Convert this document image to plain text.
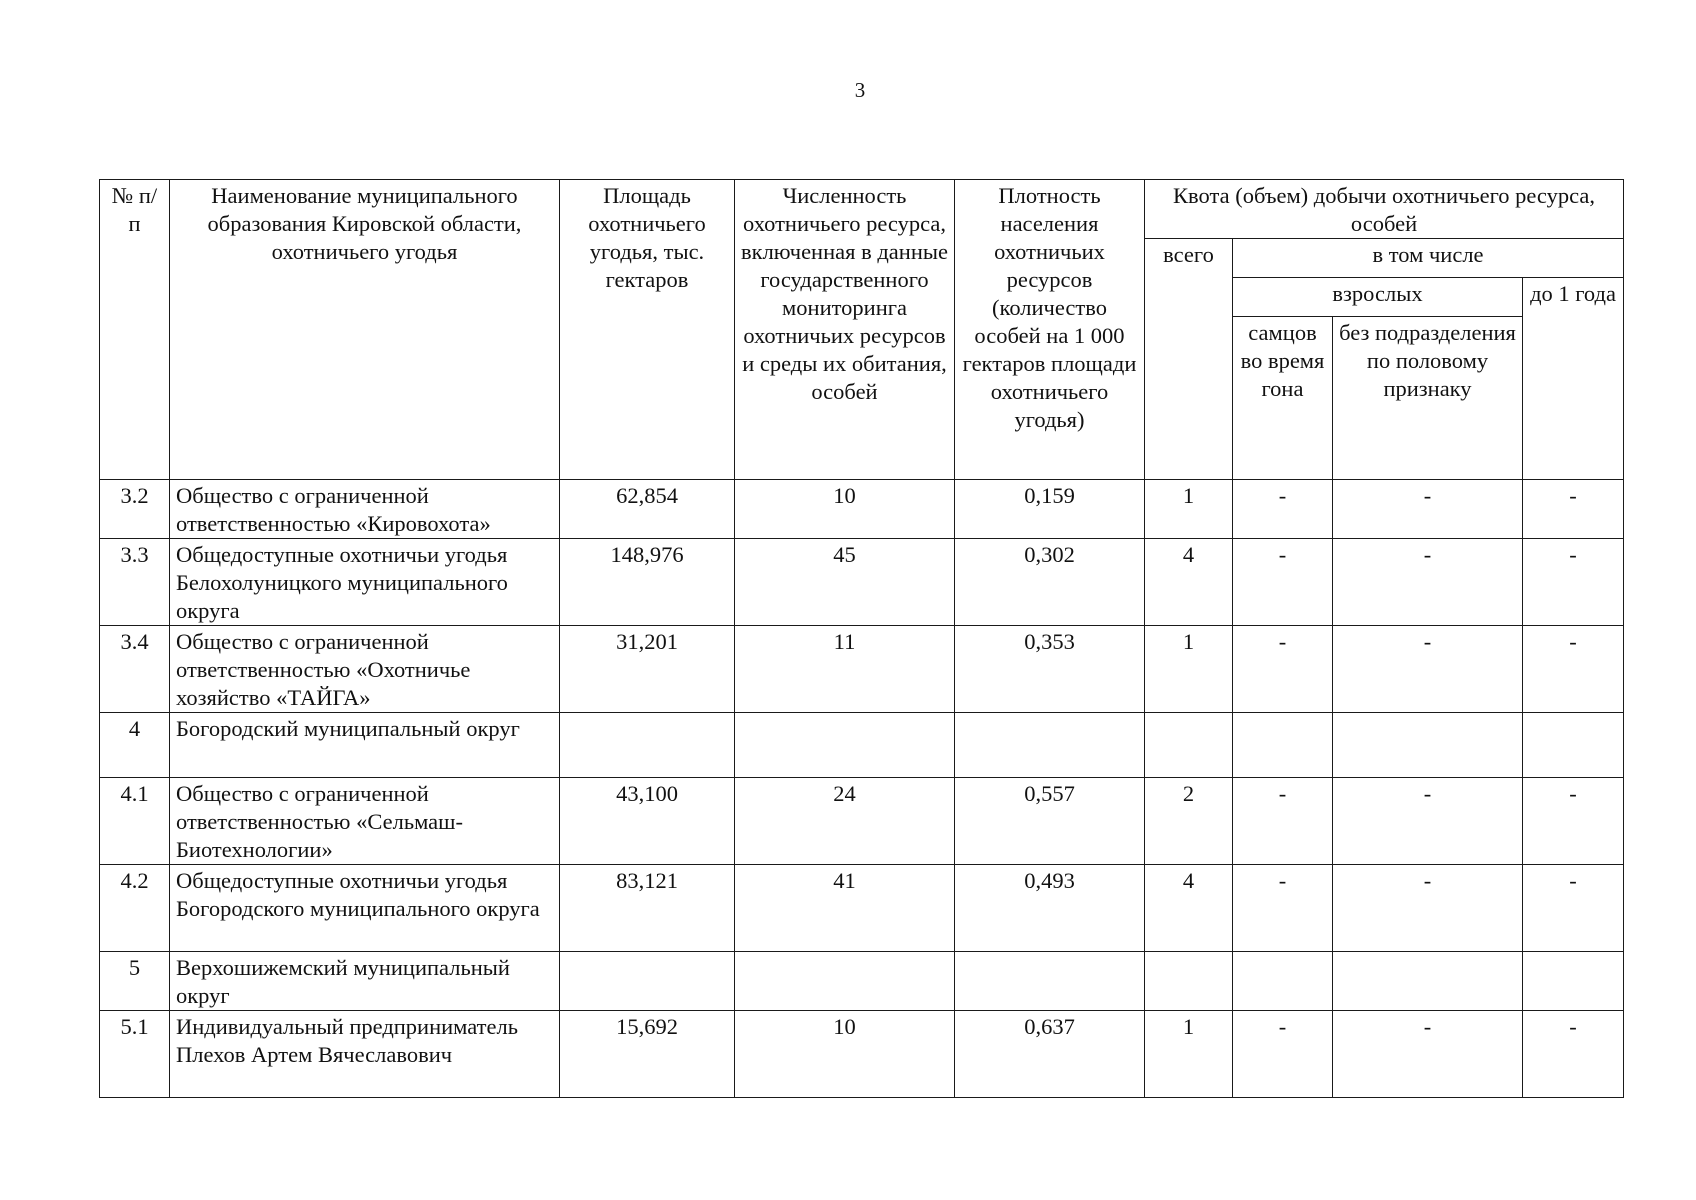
3
№ п/п	Наименование муниципального образования Кировской области, охотничьего угодья	Площадь охотничьего угодья, тыс. гектаров	Численность охотничьего ресурса, включенная в данные государственного мониторинга охотничьих ресурсов и среды их обитания, особей	Плотность населения охотничьих ресурсов (количество особей на 1 000 гектаров площади охотничьего угодья)	Квота (объем) добычи охотничьего ресурса, особей			
					всего	в том числе		
						взрослых		до 1 года
						самцов во время гона	без подразделения по половому признаку	
3.2	Общество с ограниченной ответственностью «Кировохота»	62,854	10	0,159	1	-	-	-
3.3	Общедоступные охотничьи угодья Белохолуницкого муниципального округа	148,976	45	0,302	4	-	-	-
3.4	Общество с ограниченной ответственностью «Охотничье хозяйство «ТАЙГА»	31,201	11	0,353	1	-	-	-
4	Богородский муниципальный округ							
4.1	Общество с ограниченной ответственностью «Сельмаш-Биотехнологии»	43,100	24	0,557	2	-	-	-
4.2	Общедоступные охотничьи угодья Богородского муниципального округа	83,121	41	0,493	4	-	-	-
5	Верхошижемский муниципальный округ							
5.1	Индивидуальный предприниматель Плехов Артем Вячеславович	15,692	10	0,637	1	-	-	-
